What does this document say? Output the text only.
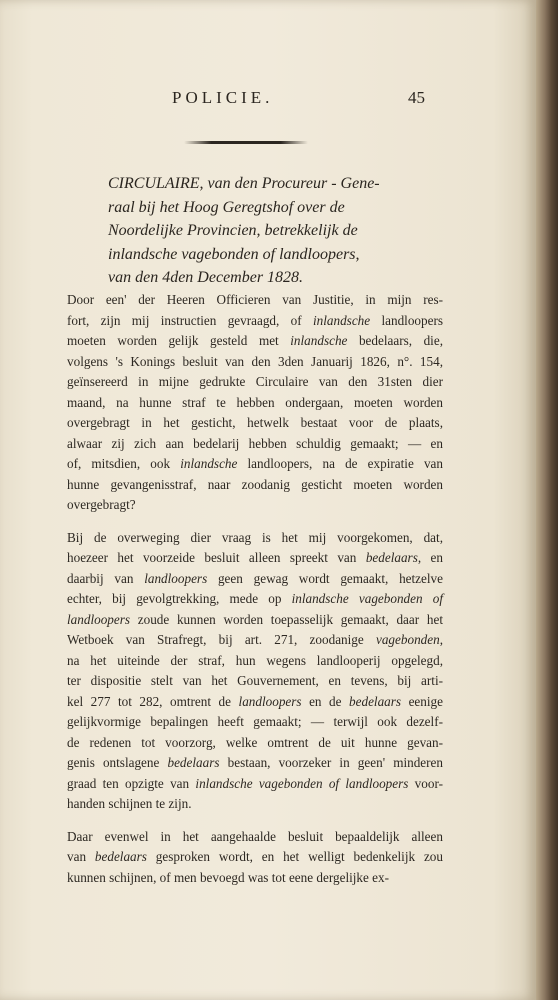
POLICIE.	45
CIRCULAIRE, van den Procureur - Gene-
raal bij het Hoog Geregtshof over de
Noordelijke Provincien, betrekkelijk de
inlandsche vagebonden of landloopers,
van den 4den December 1828.
Door een' der Heeren Officieren van Justitie, in mijn res-
fort, zijn mij instructien gevraagd, of inlandsche landloopers
moeten worden gelijk gesteld met inlandsche bedelaars, die,
volgens 's Konings besluit van den 3den Januarij 1826, n°. 154,
geïnsereerd in mijne gedrukte Circulaire van den 31sten dier
maand, na hunne straf te hebben ondergaan, moeten worden
overgebragt in het gesticht, hetwelk bestaat voor de plaats,
alwaar zij zich aan bedelarij hebben schuldig gemaakt; — en
of, mitsdien, ook inlandsche landloopers, na de expiratie van
hunne gevangenisstraf, naar zoodanig gesticht moeten worden
overgebragt?
Bij de overweging dier vraag is het mij voorgekomen, dat,
hoezeer het voorzeide besluit alleen spreekt van bedelaars, en
daarbij van landloopers geen gewag wordt gemaakt, hetzelve
echter, bij gevolgtrekking, mede op inlandsche vagebonden of
landloopers zoude kunnen worden toepasselijk gemaakt, daar het
Wetboek van Strafregt, bij art. 271, zoodanige vagebonden,
na het uiteinde der straf, hun wegens landlooperij opgelegd,
ter dispositie stelt van het Gouvernement, en tevens, bij arti-
kel 277 tot 282, omtrent de landloopers en de bedelaars eenige
gelijkvormige bepalingen heeft gemaakt; — terwijl ook dezelf-
de redenen tot voorzorg, welke omtrent de uit hunne gevan-
genis ontslagene bedelaars bestaan, voorzeker in geen' minderen
graad ten opzigte van inlandsche vagebonden of landloopers voor-
handen schijnen te zijn.
Daar evenwel in het aangehaalde besluit bepaaldelijk alleen
van bedelaars gesproken wordt, en het welligt bedenkelijk zou
kunnen schijnen, of men bevoegd was tot eene dergelijke ex-
